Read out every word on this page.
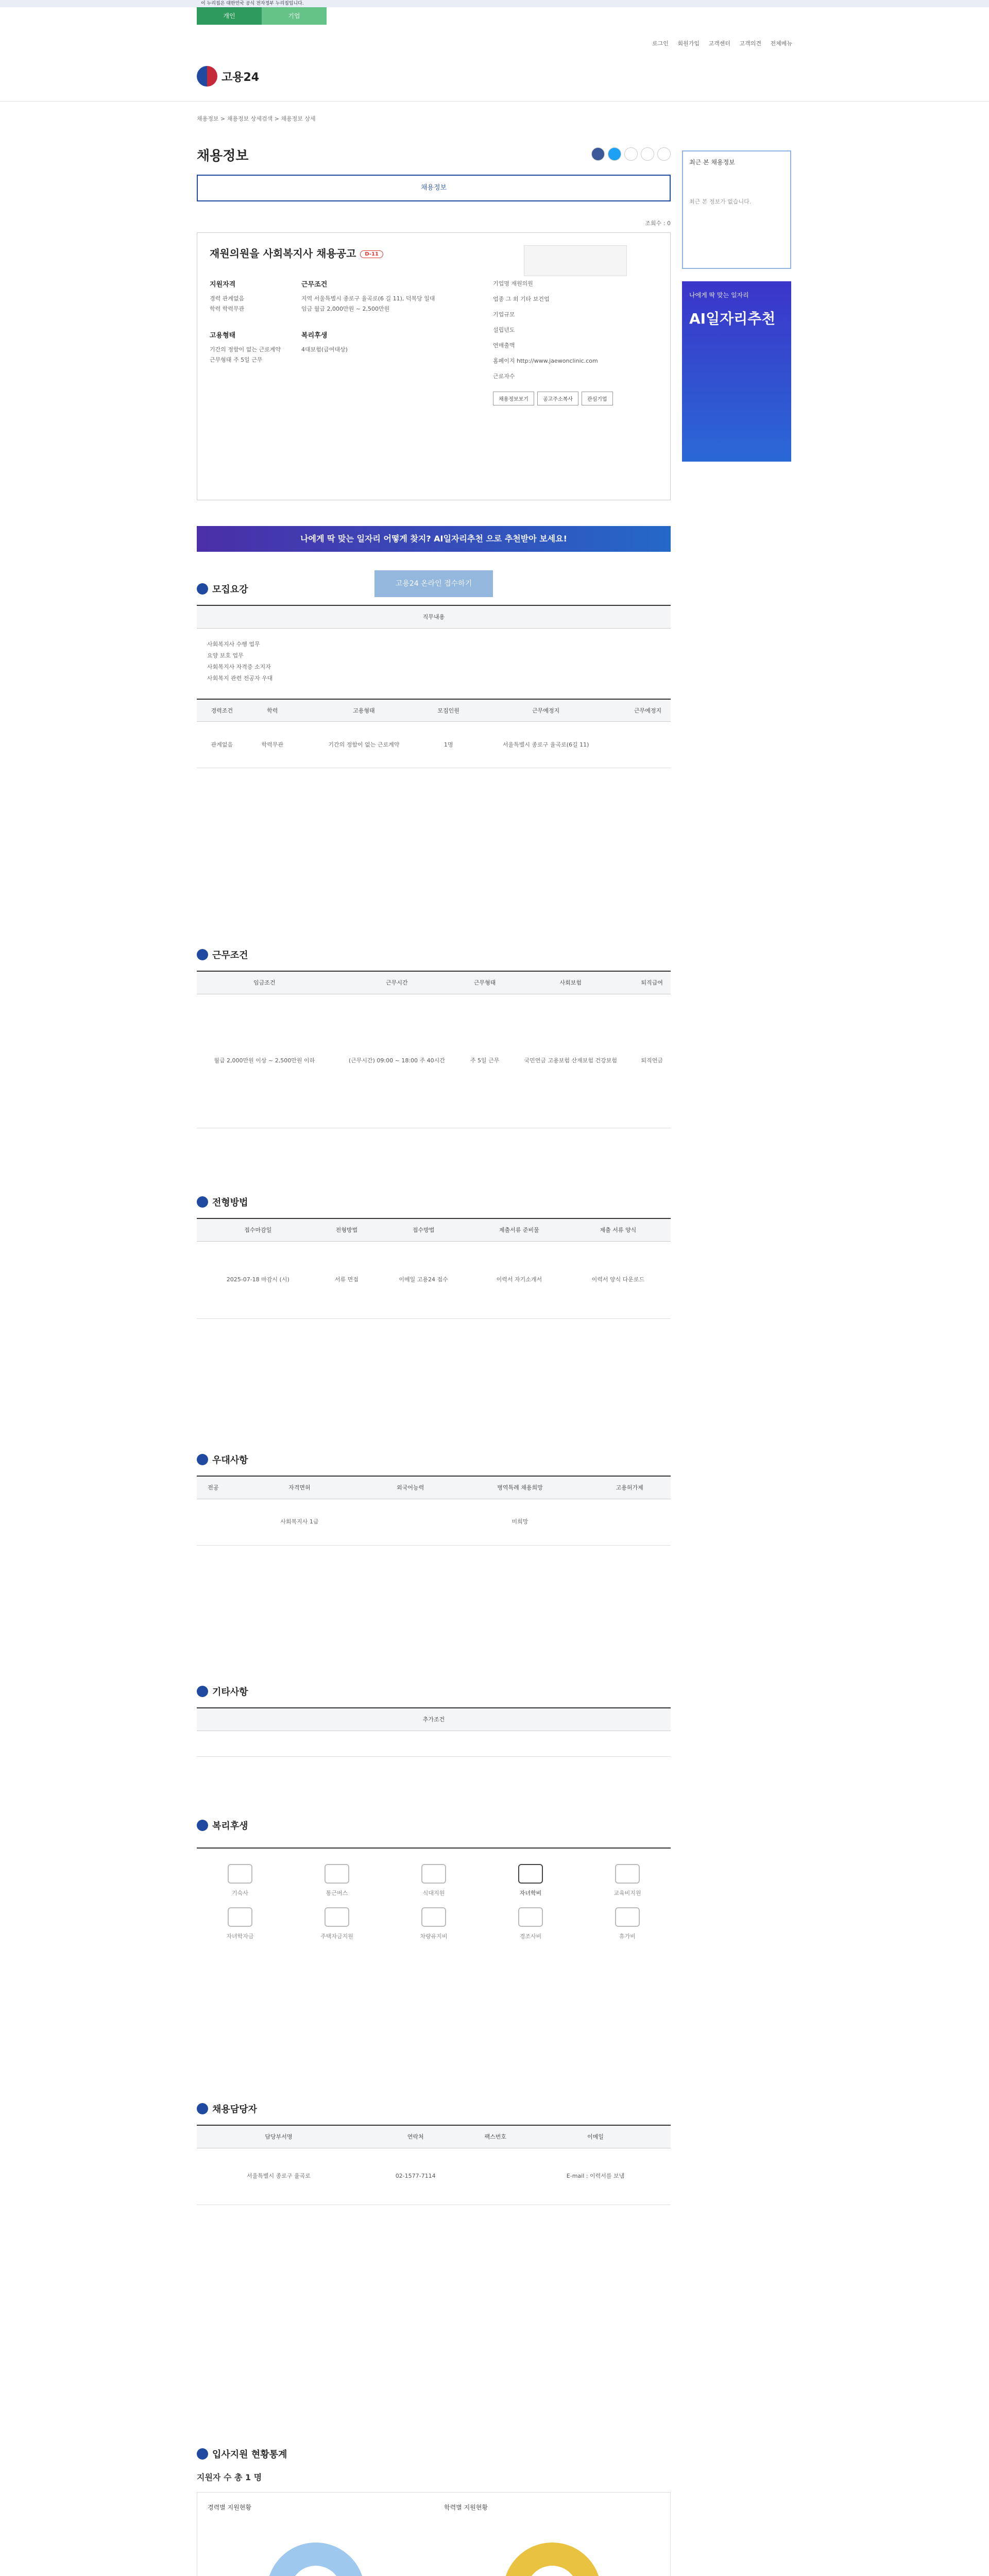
이 누리집은 대한민국 공식 전자정부 누리집입니다.
개인	기업
로그인 회원가입 고객센터 고객의견 전체메뉴
고용24
채용정보 > 채용정보 상세검색 > 채용정보 상세
채용정보
채용정보
조회수 : 0
재원의원을 사회복지사 채용공고 D-11
지원자격

경력 관계없음

학력 학력무관

고용형태

기간의 정함이 없는 근로계약

근무형태 주 5일 근무

근무조건

지역 서울특별시 종로구 율곡로(6 길 11), 덕복당 일대

임금 월급 2,000만원 ~ 2,500만원

복리후생

4대보험(급여대상)

기업명 재원의원

업종 그 외 기타 보건업

기업규모

설립년도

연매출액

홈페이지 http://www.jaewonclinic.com

근로자수

채용정보보기	공고주소복사	관심기업
나에게 딱 맞는 일자리 어떻게 찾지? AI일자리추천 으로 추천받아 보세요!
고용24 온라인 접수하기
최근 본 채용정보
최근 본 정보가 없습니다.
나에게 딱 맞는 일자리
AI일자리추천
모집요강
직무내용

사회복지사 수행 업무

요양 보호 업무

사회복지사 자격증 소지자

사회복지 관련 전공자 우대

경력조건	학력	고용형태	모집인원	근무예정지	근무예정지
관계없음	학력무관	기간의 정함이 없는 근로계약	1명	서울특별시 종로구 율곡로(6길 11)	
근무조건
임금조건	근무시간	근무형태	사회보험	퇴직급여
월급 2,000만원 이상 ~ 2,500만원 이하	(근무시간) 09:00 ~ 18:00 주 40시간	주 5일 근무	국민연금 고용보험 산재보험 건강보험	퇴직연금
전형방법
접수마감일	전형방법	접수방법	제출서류 준비물	제출 서류 양식
2025-07-18 마감시 (시)	서류 면접	이메일 고용24 접수	이력서 자기소개서	이력서 양식 다운로드
우대사항
전공	자격면허	외국어능력	병역특례 채용희망	고용허가제
	사회복지사 1급		미희망	
기타사항
추가조건

복리후생
기숙사	통근버스	식대지원	자녀학비	교육비지원
자녀학자금	주택자금지원	차량유지비	경조사비	휴가비
채용담당자
담당부서명	연락처	팩스번호	이메일
서울특별시 종로구 율곡로	02-1577-7114		E-mail : 이력서를 보냄
입사지원 현황통계
지원자 수 총 1 명
경력별 지원현황	학력별 지원현황
